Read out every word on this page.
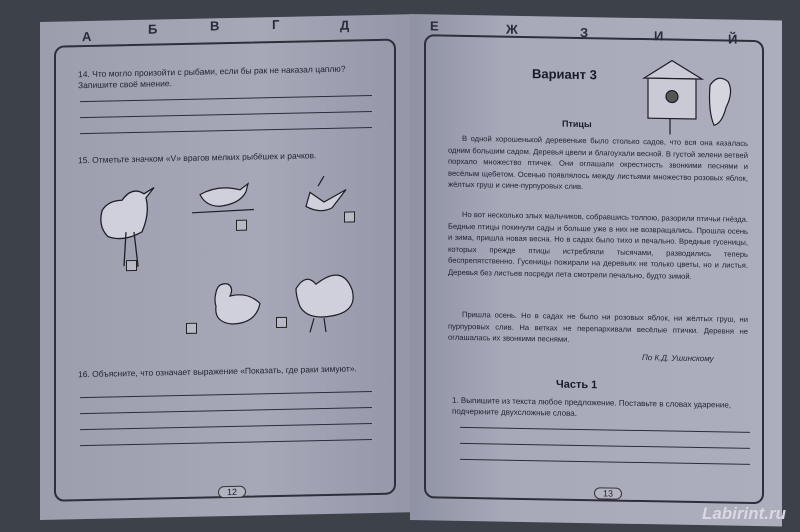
А	Б	В	Г	Д
14. Что могло произойти с рыбами, если бы рак не наказал цаплю? Запишите своё мнение.
15. Отметьте значком «V» врагов мелких рыбёшек и рачков.
16. Объясните, что означает выражение «Показать, где раки зимуют».
12
Е	Ж	З	И	Й
Вариант 3
Птицы
В одной хорошенькой деревеньке было столько садов, что вся она казалась одним большим садом. Деревья цвели и благоухали весной. В густой зелени ветвей порхало множество птичек. Они оглашали окрестность звонкими песнями и весёлым щебетом. Осенью появлялось между листьями множество розовых яблок, жёлтых груш и сине-пурпуровых слив.
Но вот несколько злых мальчиков, собравшись толпою, разорили птичьи гнёзда. Бедные птицы покинули сады и больше уже в них не возвращались. Прошла осень и зима, пришла новая весна. Но в садах было тихо и печально. Вредные гусеницы, которых прежде птицы истребляли тысячами, разводились теперь беспрепятственно. Гусеницы пожирали на деревьях не только цветы, но и листья. Деревья без листьев посреди лета смотрели печально, будто зимой.
Пришла осень. Но в садах не было ни розовых яблок, ни жёлтых груш, ни пурпуровых слив. На ветках не перепархивали весёлые птички. Деревня не оглашалась их звонкими песнями.
По К.Д. Ушинскому
Часть 1
1. Выпишите из текста любое предложение. Поставьте в словах ударение, подчеркните двухсложные слова.
13
Labirint.ru
